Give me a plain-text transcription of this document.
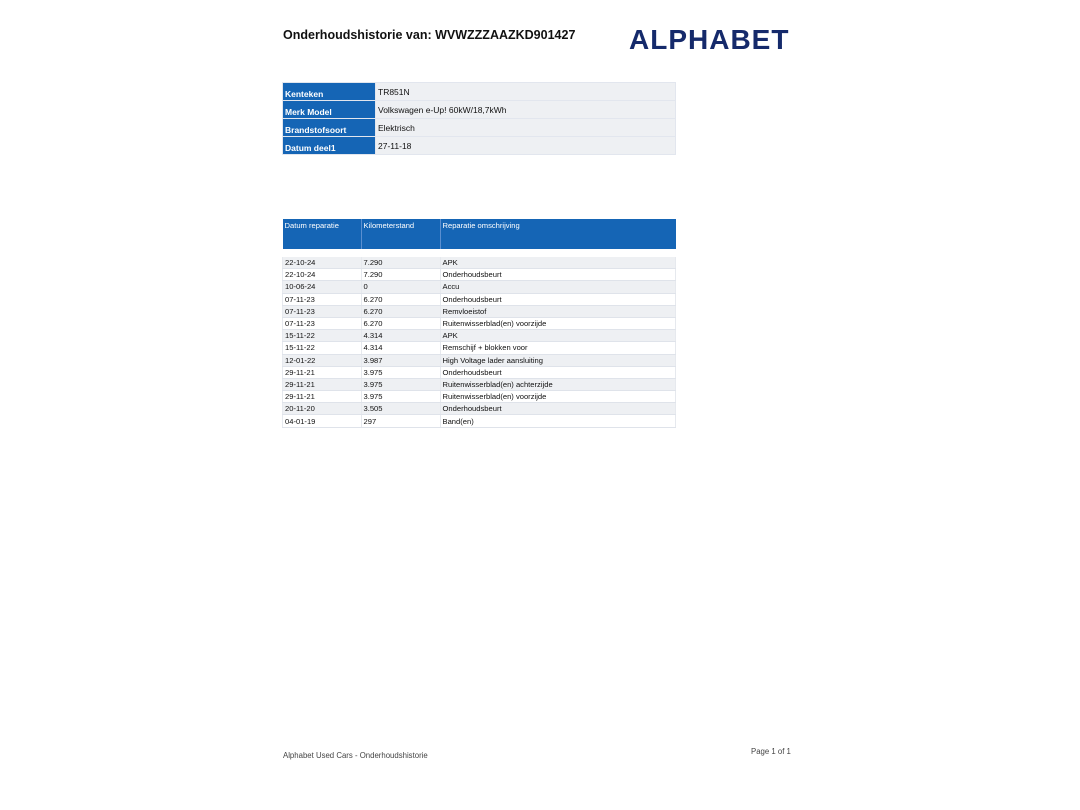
Onderhoudshistorie van: WVWZZZAAZKD901427 ALPHABET
Kenteken	TR851N
Merk Model	Volkswagen e-Up! 60kW/18,7kWh
Brandstofsoort	Elektrisch
Datum deel1	27-11-18
Datum reparatie	Kilometerstand	Reparatie omschrijving

22-10-24	7.290	APK
22-10-24	7.290	Onderhoudsbeurt
10-06-24	0	Accu
07-11-23	6.270	Onderhoudsbeurt
07-11-23	6.270	Remvloeistof
07-11-23	6.270	Ruitenwisserblad(en) voorzijde
15-11-22	4.314	APK
15-11-22	4.314	Remschijf + blokken voor
12-01-22	3.987	High Voltage lader aansluiting
29-11-21	3.975	Onderhoudsbeurt
29-11-21	3.975	Ruitenwisserblad(en) achterzijde
29-11-21	3.975	Ruitenwisserblad(en) voorzijde
20-11-20	3.505	Onderhoudsbeurt
04-01-19	297	Band(en)
Alphabet Used Cars - Onderhoudshistorie	Page 1 of 1
